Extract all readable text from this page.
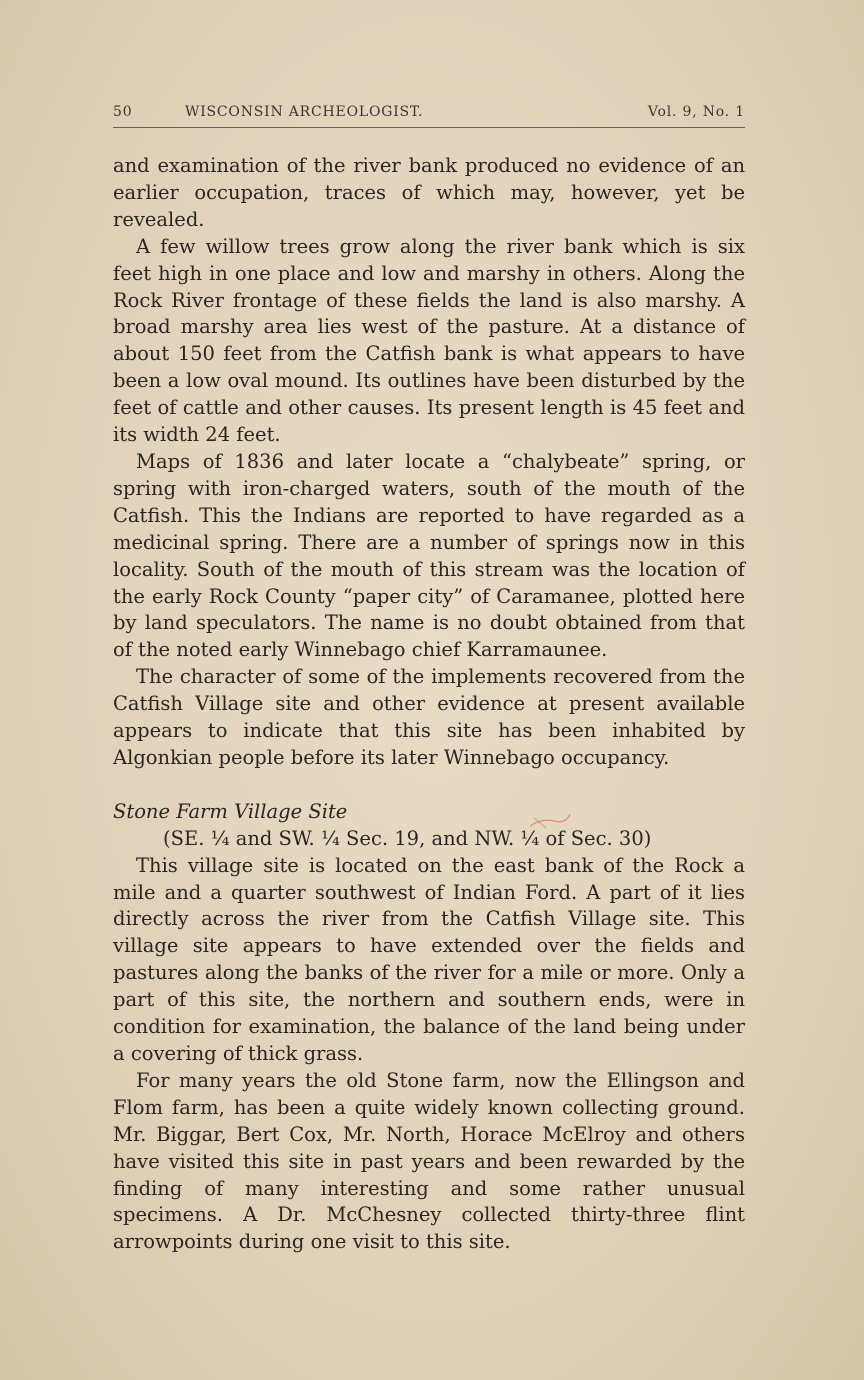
50	WISCONSIN ARCHEOLOGIST.	Vol. 9, No. 1

and examination of the river bank produced no evidence of an earlier occupation, traces of which may, however, yet be revealed.

A few willow trees grow along the river bank which is six feet high in one place and low and marshy in others. Along the Rock River frontage of these fields the land is also marshy. A broad marshy area lies west of the pasture. At a distance of about 150 feet from the Catfish bank is what appears to have been a low oval mound. Its outlines have been disturbed by the feet of cattle and other causes. Its present length is 45 feet and its width 24 feet.

Maps of 1836 and later locate a “chalybeate” spring, or spring with iron-charged waters, south of the mouth of the Catfish. This the Indians are reported to have regarded as a medicinal spring. There are a number of springs now in this locality. South of the mouth of this stream was the location of the early Rock County “paper city” of Caramanee, plotted here by land speculators. The name is no doubt obtained from that of the noted early Winnebago chief Karramaunee.

The character of some of the implements recovered from the Catfish Village site and other evidence at present available appears to indicate that this site has been inhabited by Algonkian people before its later Winnebago occupancy.

Stone Farm Village Site

(SE. ¼ and SW. ¼ Sec. 19, and NW. ¼ of Sec. 30)

This village site is located on the east bank of the Rock a mile and a quarter southwest of Indian Ford. A part of it lies directly across the river from the Catfish Village site. This village site appears to have extended over the fields and pastures along the banks of the river for a mile or more. Only a part of this site, the northern and southern ends, were in condition for examination, the balance of the land being under a covering of thick grass.

For many years the old Stone farm, now the Ellingson and Flom farm, has been a quite widely known collecting ground. Mr. Biggar, Bert Cox, Mr. North, Horace McElroy and others have visited this site in past years and been rewarded by the finding of many interesting and some rather unusual specimens. A Dr. McChesney collected thirty-three flint arrowpoints during one visit to this site.
